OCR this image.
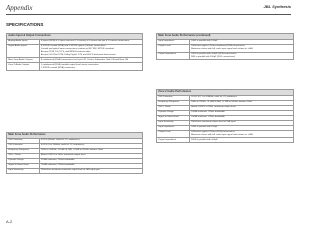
Appendix	JBL Synthesis
SPECIFICATIONS
Audio Input & Output Connections	
Analog Audio Inputs	8 stereo (RCA) 6.1 inputs and one 8.1 channel or 6 stereo and two 8.1 channel connections
Digital Audio Inputs	4 S/PDIF coaxial (RCA) and 4 S/PDIF optical (Toslink) connections
Coaxial and optical input connections conform to IEC 958, S/PDIF standard
Accepts PCM, DD, DTS, and MPEG bitstream data
Accepts 16-24 bit PCM, Dolby Digital, DTS and HDCD bitstream data formats
Main Zone Audio Outputs	8 unbalanced (RCA) connections for Front L/R, Center, Subwoofer, Side L/R and Rear L/R
Zone 2 Audio Outputs	1 unbalanced (RCA) variable output level stereo connection
1 S/PDIF coaxial (RCA) connection
Main Zone Audio Performance	
THD Distortion	0.02% (80kHz, 1kHz/0V, 2V, unbalance)
THD Distortion	0.02% (0 to 100kHz, multi lvl, 2V, unbalance)
Frequency Response	10Hz to 100kHz, -0.1dB/+0.1dB; -0.5dB at 20kHz, balance 1kHz
THD + Noise	Below 0.002% at 1kHz, maximum output level
Dynamic Range	110dB minimum, 22kHz bandwidth
Signal to Noise Ratio	110dB minimum, 22kHz bandwidth
Input Sensitivity	200mVrms minimum maximum output level at 2dB input gain
Main Zone Audio Performance (continued)	
Input Impedance	10kΩ in parallel with 100pF
Output Level	100mVrms typical, 6Vrms maximum (RCA connections)
Maximum stereo with full scale input signal and volume at +0dB
Output Impedance	100Ω in parallel with 100pF (RCA connections)
50Ω in parallel with 100pF (XLR connections)
Zone 2 Audio Performance	
THD Distortion	2V-0V, 4V, 1 to 100kHz, multi lvl, 2V, unbalance
Frequency Response	10Hz to 70kHz, +0.1dB/-0.5dB, -0.7dB at 20kHz, balance 1kHz
THD + Noise	Below 0.004% at 1kHz, maximum output level
Dynamic Range	100dB minimum, 22kHz bandwidth
Signal to Noise Ratio	100dB minimum, 22kHz bandwidth
Input Sensitivity	200mVrms maximum output level at 2dB input
Input Impedance	10kΩ in parallel with 100pF
Output Level	100mVrms typical, 6Vrms (RCA connections)
Maximum stereo with full scale input signal and volume at +0dB
Output Impedance	100Ω in parallel with 100pF
A-2
